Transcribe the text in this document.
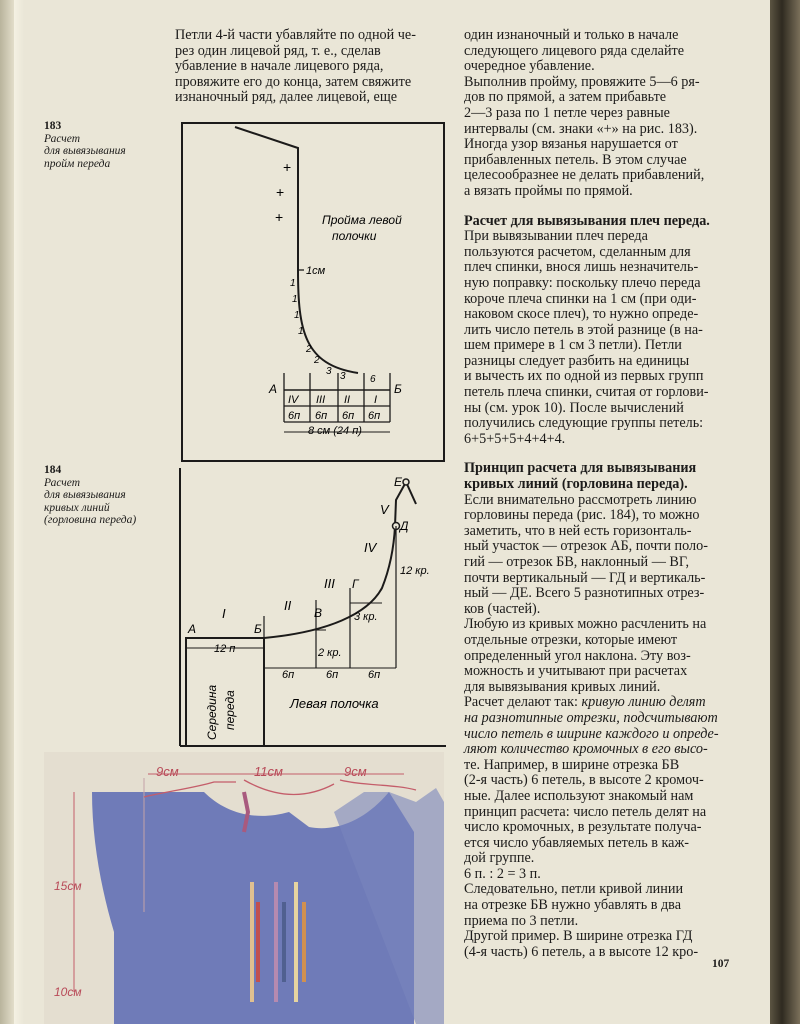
183
Расчет
для вывязывания
пройм переда
184
Расчет
для вывязывания
кривых линий
(горловина переда)
Петли 4-й части убавляйте по одной че-
рез один лицевой ряд, т. е., сделав
убавление в начале лицевого ряда,
провяжите его до конца, затем свяжите
изнаночный ряд, далее лицевой, еще
1см
+
+
+	Пройма левой
полочки
1
1
1
1
2
2
3 3 6
А	Б
IV III II I
6п 6п 6п 6п
8 см (24 п)
А	Б
В
Г
Д
Е
I
II
III
IV
V
12 п
12 кр.
3 кр.
2 кр.
6п	6п	6п
Середина переда	Левая полочка
9см	11см	9см
15см
10см
один изнаночный и только в начале
следующего лицевого ряда сделайте
очередное убавление.
Выполнив пройму, провяжите 5—6 ря-
дов по прямой, а затем прибавьте
2—3 раза по 1 петле через равные
интервалы (см. знаки «+» на рис. 183).
Иногда узор вязанья нарушается от
прибавленных петель. В этом случае
целесообразнее не делать прибавлений,
а вязать проймы по прямой.
Расчет для вывязывания плеч переда.
При вывязывании плеч переда
пользуются расчетом, сделанным для
плеч спинки, внося лишь незначитель-
ную поправку: поскольку плечо переда
короче плеча спинки на 1 см (при оди-
наковом скосе плеч), то нужно опреде-
лить число петель в этой разнице (в на-
шем примере в 1 см 3 петли). Петли
разницы следует разбить на единицы
и вычесть их по одной из первых групп
петель плеча спинки, считая от горлови-
ны (см. урок 10). После вычислений
получились следующие группы петель:
6+5+5+5+4+4+4.
Принцип расчета для вывязывания
кривых линий (горловина переда).
Если внимательно рассмотреть линию
горловины переда (рис. 184), то можно
заметить, что в ней есть горизонталь-
ный участок — отрезок АБ, почти поло-
гий — отрезок БВ, наклонный — ВГ,
почти вертикальный — ГД и вертикаль-
ный — ДЕ. Всего 5 разнотипных отрез-
ков (частей).
Любую из кривых можно расчленить на
отдельные отрезки, которые имеют
определенный угол наклона. Эту воз-
можность и учитывают при расчетах
для вывязывания кривых линий.
Расчет делают так: кривую линию делят
на разнотипные отрезки, подсчитывают
число петель в ширине каждого и опреде-
ляют количество кромочных в его высо-
те. Например, в ширине отрезка БВ
(2-я часть) 6 петель, в высоте 2 кромоч-
ные. Далее используют знакомый нам
принцип расчета: число петель делят на
число кромочных, в результате получа-
ется число убавляемых петель в каж-
дой группе.
6 п. : 2 = 3 п.
Следовательно, петли кривой линии
на отрезке БВ нужно убавлять в два
приема по 3 петли.
Другой пример. В ширине отрезка ГД
(4-я часть) 6 петель, а в высоте 12 кро-
107
